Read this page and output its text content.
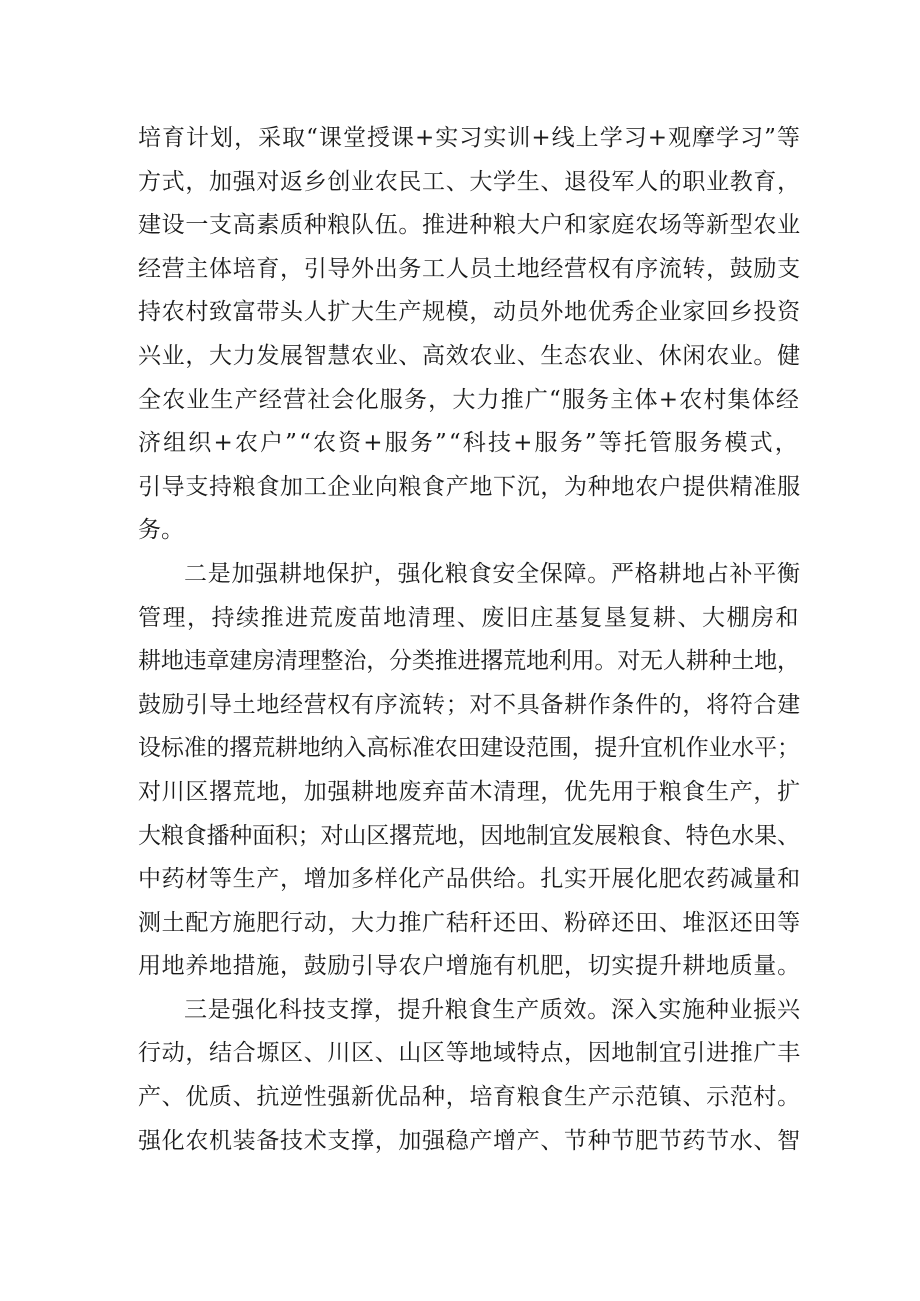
培育计划，采取“课堂授课+实习实训+线上学习+观摩学习”等
方式，加强对返乡创业农民工、大学生、退役军人的职业教育，
建设一支高素质种粮队伍。推进种粮大户和家庭农场等新型农业
经营主体培育，引导外出务工人员土地经营权有序流转，鼓励支
持农村致富带头人扩大生产规模，动员外地优秀企业家回乡投资
兴业，大力发展智慧农业、高效农业、生态农业、休闲农业。健
全农业生产经营社会化服务，大力推广“服务主体+农村集体经
济组织+农户”“农资+服务”“科技+服务”等托管服务模式，
引导支持粮食加工企业向粮食产地下沉，为种地农户提供精准服
务。
二是加强耕地保护，强化粮食安全保障。严格耕地占补平衡
管理，持续推进荒废苗地清理、废旧庄基复垦复耕、大棚房和
耕地违章建房清理整治，分类推进撂荒地利用。对无人耕种土地，
鼓励引导土地经营权有序流转；对不具备耕作条件的，将符合建
设标准的撂荒耕地纳入高标准农田建设范围，提升宜机作业水平；
对川区撂荒地，加强耕地废弃苗木清理，优先用于粮食生产，扩
大粮食播种面积；对山区撂荒地，因地制宜发展粮食、特色水果、
中药材等生产，增加多样化产品供给。扎实开展化肥农药减量和
测土配方施肥行动，大力推广秸秆还田、粉碎还田、堆沤还田等
用地养地措施，鼓励引导农户增施有机肥，切实提升耕地质量。
三是强化科技支撑，提升粮食生产质效。深入实施种业振兴
行动，结合塬区、川区、山区等地域特点，因地制宜引进推广丰
产、优质、抗逆性强新优品种，培育粮食生产示范镇、示范村。
强化农机装备技术支撑，加强稳产增产、节种节肥节药节水、智
